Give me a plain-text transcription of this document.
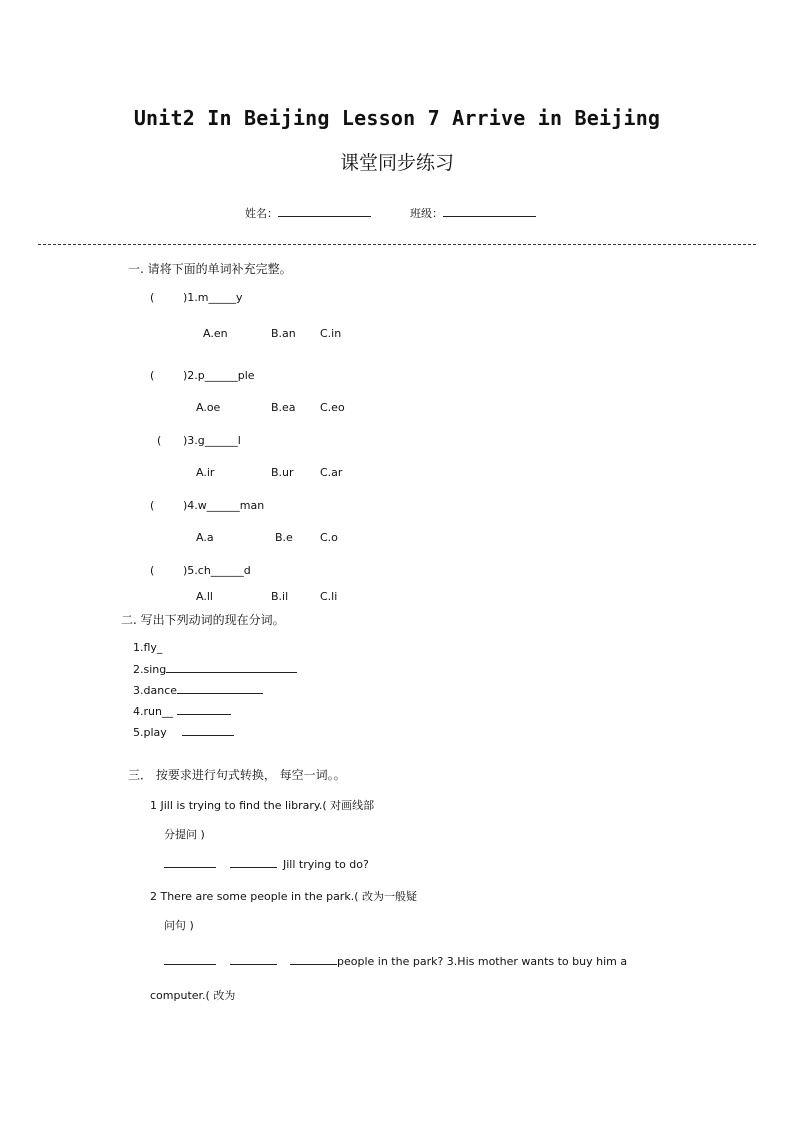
Unit2 In Beijing Lesson 7 Arrive in Beijing
课堂同步练习
姓名：	班级：
一. 请将下面的单词补充完整。
(	)1.m_____y
A.en	B.an C.in
(	)2.p______ple
A.oe	B.ea C.eo
( )3.g______l
A.ir	B.ur C.ar
(	)4.w______man
A.a	B.e C.o
(	)5.ch______d
A.ll	B.il	C.li
二. 写出下列动词的现在分词。
1.fly_
2.sing
3.dance
4.run__
5.play
三． 按要求进行句式转换， 每空一词。。
1 Jill is trying to find the library.( 对画线部
分提问 )
Jill trying to do?
2 There are some people in the park.( 改为一般疑
问句 )
people in the park? 3.His mother wants to buy him a
computer.( 改为
